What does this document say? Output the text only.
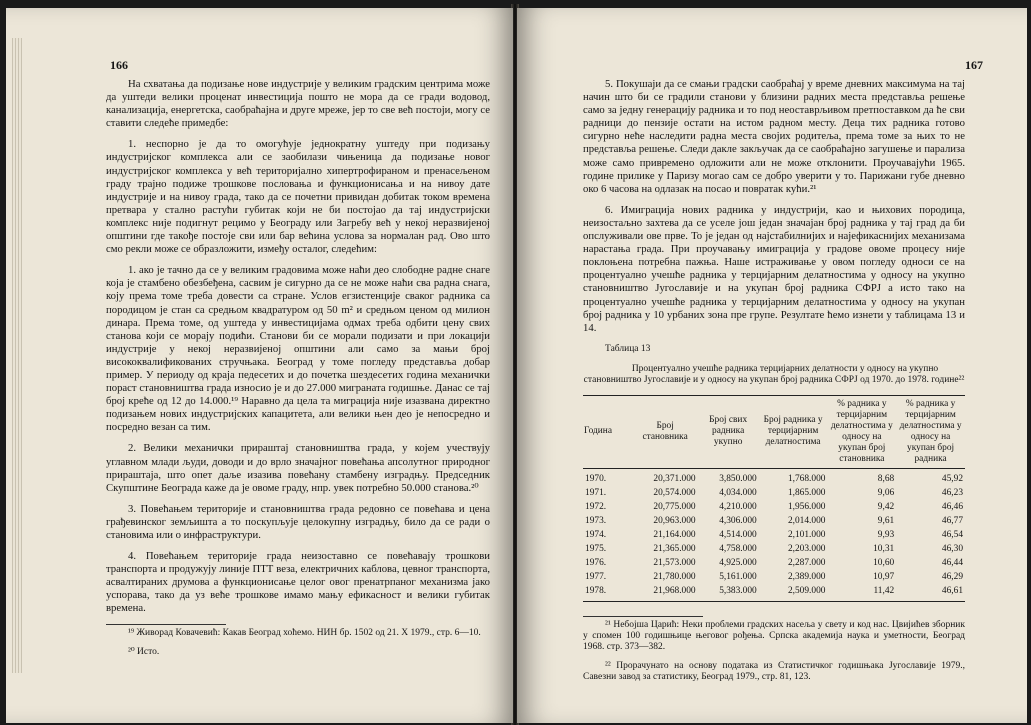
166

На схватања да подизање нове индустрије у великим градским центрима може да уштеди велики проценат инвестиција пошто не мора да се гради водовод, канализација, енергетска, саобраћајна и друге мреже, јер то све већ постоји, могу се ставити следеће примедбе:

1. неспорно је да то омогућује једнократну уштеду при подизању индустријског комплекса али се заобилази чињеница да подизање новог индустријског комплекса у већ територијално хипертрофираном и пренасељеном граду трајно подиже трошкове пословања и функционисања и на нивоу дате индустрије и на нивоу града, тако да се почетни привидан добитак током времена претвара у стално растући губитак који не би постојао да тај индустријски комплекс није подигнут рецимо у Београду или Загребу већ у некој неразвијеној општини где такође постоје сви или бар већина услова за нормалан рад. Ово што смо рекли може се образложити, између осталог, следећим:

1. ако је тачно да се у великим градовима може наћи део слободне радне снаге која је стамбено обезбеђена, сасвим је сигурно да се не може наћи сва радна снага, коју према томе треба довести са стране. Услов егзистенције сваког радника са породицом је стан са средњом квадратуром од 50 m² и средњом ценом од милион динара. Према томе, од уштеда у инвестицијама одмах треба одбити цену свих станова који се морају подићи. Станови би се морали подизати и при локацији индустрије у некој неразвијеној општини али само за мањи број висококвалификованих стручњака. Београд у томе погледу представља добар пример. У периоду од краја педесетих и до почетка шездесетих година механички пораст становништва града износио је и до 27.000 миграната годишње. Данас се тај број креће од 12 до 14.000.¹⁹ Наравно да цела та миграција није изазвана директно подизањем нових индустријских капацитета, али велики њен део је непосредно и посредно везан са тим.

2. Велики механички прираштај становништва града, у којем учествују углавном млади људи, доводи и до врло значајног повећања апсолутног природног прираштаја, што опет даље изазива повећану стамбену изградњу. Председник Скупштине Београда каже да је овоме граду, нпр. увек потребно 50.000 станова.²⁰

3. Повећањем територије и становништва града редовно се повећава и цена грађевинског земљишта а то поскупљује целокупну изградњу, било да се ради о становима или о инфраструктури.

4. Повећањем територије града неизоставно се повећавају трошкови транспорта и продужују линије ПТТ веза, електричних каблова, цевног транспорта, асвалтираних друмова а функционисање целог овог пренатрпаног механизма јако успорава, тако да уз веће трошкове имамо мању ефикасност и велики губитак времена.

¹⁹ Живорад Ковачевић: Какав Београд хоћемо. НИН бр. 1502 од 21. X 1979., стр. 6—10.

²⁰ Исто.

167

5. Покушаји да се смањи градски саобраћај у време дневних максимума на тај начин што би се градили станови у близини радних места представља решење само за једну генерацију радника и то под неоставрљивом претпоставком да ће сви радници до пензије остати на истом радном месту. Деца тих радника готово сигурно неће наследити радна места својих родитеља, према томе за њих то не представља решење. Следи дакле закључак да се саобраћајно загушење и парализа може само привремено одложити али не може отклонити. Проучавајући 1965. године прилике у Паризу могао сам се добро уверити у то. Парижани губе дневно око 6 часова на одлазак на посао и повратак кући.²¹

6. Имиграција нових радника у индустрији, као и њихових породица, неизостаљно захтева да се уселе још један значајан број радника у тај град да би опслуживали ове прве. То је један од најстабилнијих и најефикаснијих механизама нарастања града. При проучавању имиграција у градове овоме процесу није поклоњена потребна пажња. Наше истраживање у овом погледу односи се на процентуално учешће радника у терцијарним делатностима у односу на укупно становништво Југославије и на укупан број радника СФРЈ а исто тако на процентуално учешће радника у терцијарним делатностима у односу на укупан број радника у 10 урбаних зона пре групе. Резултате ћемо изнети у таблицама 13 и 14.

Таблица 13

Процентуално учешће радника терцијарних делатности у односу на укупно становништво Југославије и у односу на укупан број радника СФРЈ од 1970. до 1978. године²²

Година	Број становника	Број свих радника укупно	Број радника у терцијарним делатностима	% радника у терцијарним делатностима у односу на укупан број становника	% радника у терцијарним делатностима у односу на укупан број радника
1970.	20,371.000	3,850.000	1,768.000	8,68	45,92
1971.	20,574.000	4,034.000	1,865.000	9,06	46,23
1972.	20,775.000	4,210.000	1,956.000	9,42	46,46
1973.	20,963.000	4,306.000	2,014.000	9,61	46,77
1974.	21,164.000	4,514.000	2,101.000	9,93	46,54
1975.	21,365.000	4,758.000	2,203.000	10,31	46,30
1976.	21,573.000	4,925.000	2,287.000	10,60	46,44
1977.	21,780.000	5,161.000	2,389.000	10,97	46,29
1978.	21,968.000	5,383.000	2,509.000	11,42	46,61

²¹ Небојша Царић: Неки проблеми градских насеља у свету и код нас. Цвијићев зборник у спомен 100 годишњице његовог рођења. Српска академија наука и уметности, Београд 1968. стр. 373—382.

²² Прорачунато на основу података из Статистичког годишњака Југославије 1979., Савезни завод за статистику, Београд 1979., стр. 81, 123.
